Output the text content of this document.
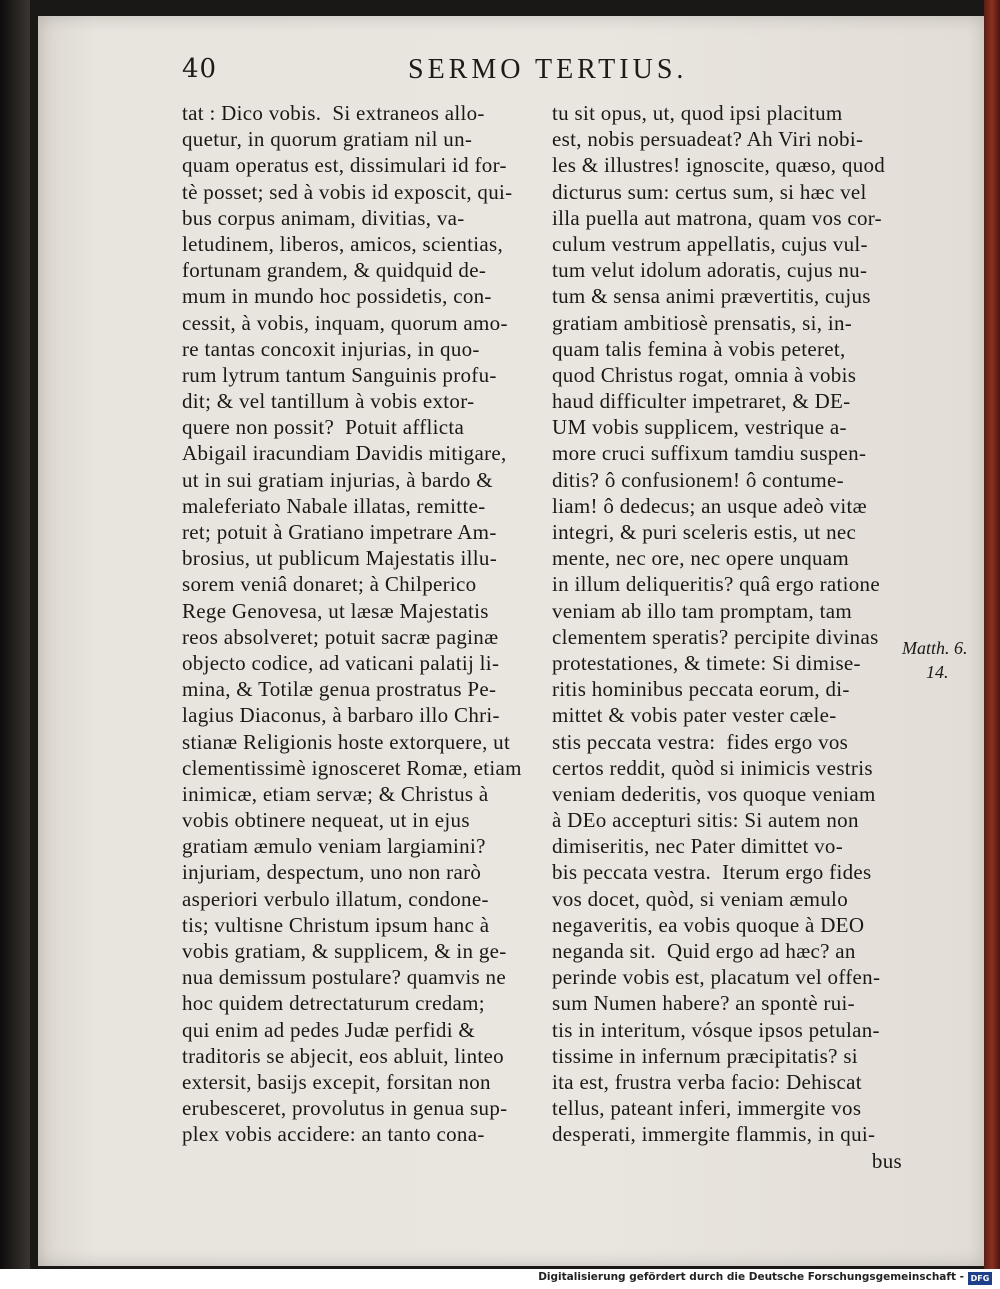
40	SERMO TERTIUS.
tat : Dico vobis.  Si extraneos allo-
quetur, in quorum gratiam nil un-
quam operatus est, dissimulari id for-
tè posset; sed à vobis id exposcit, qui-
bus corpus animam, divitias, va-
letudinem, liberos, amicos, scientias,
fortunam grandem, & quidquid de-
mum in mundo hoc possidetis, con-
cessit, à vobis, inquam, quorum amo-
re tantas concoxit injurias, in quo-
rum lytrum tantum Sanguinis profu-
dit; & vel tantillum à vobis extor-
quere non possit?  Potuit afflicta
Abigail iracundiam Davidis mitigare,
ut in sui gratiam injurias, à bardo &
maleferiato Nabale illatas, remitte-
ret; potuit à Gratiano impetrare Am-
brosius, ut publicum Majestatis illu-
sorem veniâ donaret; à Chilperico
Rege Genovesa, ut læsæ Majestatis
reos absolveret; potuit sacræ paginæ
objecto codice, ad vaticani palatij li-
mina, & Totilæ genua prostratus Pe-
lagius Diaconus, à barbaro illo Chri-
stianæ Religionis hoste extorquere, ut
clementissimè ignosceret Romæ, etiam
inimicæ, etiam servæ; & Christus à
vobis obtinere nequeat, ut in ejus
gratiam æmulo veniam largiamini?
injuriam, despectum, uno non rarò
asperiori verbulo illatum, condone-
tis; vultisne Christum ipsum hanc à
vobis gratiam, & supplicem, & in ge-
nua demissum postulare? quamvis ne
hoc quidem detrectaturum credam;
qui enim ad pedes Judæ perfidi &
traditoris se abjecit, eos abluit, linteo
extersit, basijs excepit, forsitan non
erubesceret, provolutus in genua sup-
plex vobis accidere: an tanto cona-
tu sit opus, ut, quod ipsi placitum
est, nobis persuadeat? Ah Viri nobi-
les & illustres! ignoscite, quæso, quod
dicturus sum: certus sum, si hæc vel
illa puella aut matrona, quam vos cor-
culum vestrum appellatis, cujus vul-
tum velut idolum adoratis, cujus nu-
tum & sensa animi prævertitis, cujus
gratiam ambitiosè prensatis, si, in-
quam talis femina à vobis peteret,
quod Christus rogat, omnia à vobis
haud difficulter impetraret, & DE-
UM vobis supplicem, vestrique a-
more cruci suffixum tamdiu suspen-
ditis? ô confusionem! ô contume-
liam! ô dedecus; an usque adeò vitæ
integri, & puri sceleris estis, ut nec
mente, nec ore, nec opere unquam
in illum deliqueritis? quâ ergo ratione
veniam ab illo tam promptam, tam
clementem speratis? percipite divinas
protestationes, & timete: Si dimise-
ritis hominibus peccata eorum, di-
mittet & vobis pater vester cæle-
stis peccata vestra:  fides ergo vos
certos reddit, quòd si inimicis vestris
veniam dederitis, vos quoque veniam
à DEo accepturi sitis: Si autem non
dimiseritis, nec Pater dimittet vo-
bis peccata vestra.  Iterum ergo fides
vos docet, quòd, si veniam æmulo
negaveritis, ea vobis quoque à DEO
neganda sit.  Quid ergo ad hæc? an
perinde vobis est, placatum vel offen-
sum Numen habere? an spontè rui-
tis in interitum, vósque ipsos petulan-
tissime in infernum præcipitatis? si
ita est, frustra verba facio: Dehiscat
tellus, pateant inferi, immergite vos
desperati, immergite flammis, in qui-
bus
Matth. 6.
14.
Digitalisierung gefördert durch die Deutsche Forschungsgemeinschaft - DFG
